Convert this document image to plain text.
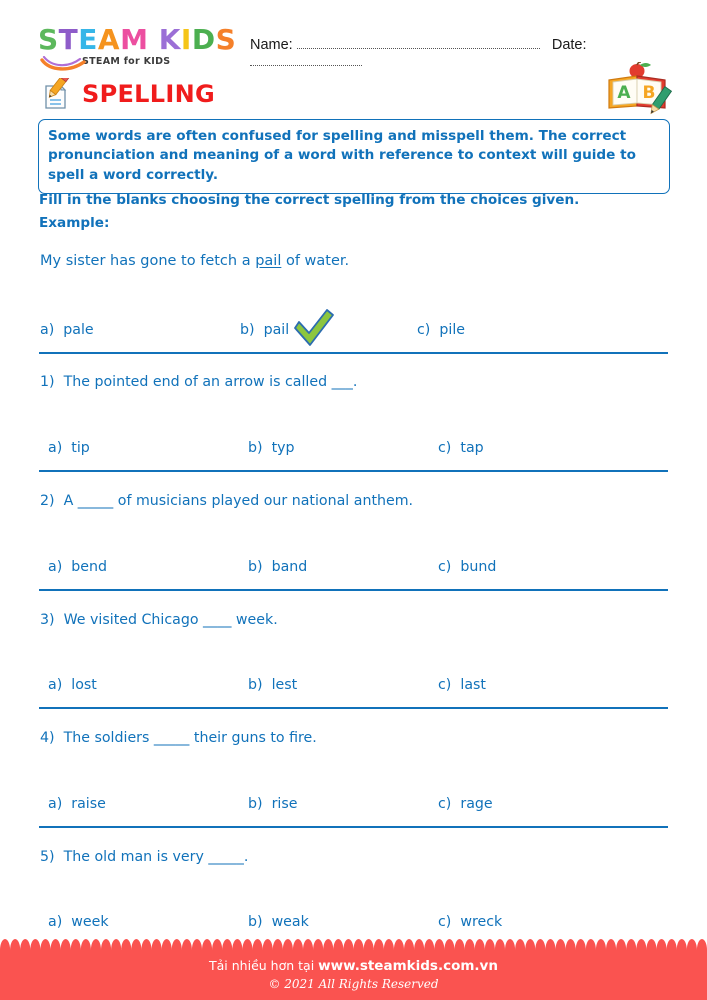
STEAM KIDS
STEAM for KIDS
Name:	Date:
SPELLING	A B
Some words are often confused for spelling and misspell them. The correct pronunciation and meaning of a word with reference to context will guide to spell a word correctly.
Fill in the blanks choosing the correct spelling from the choices given.
Example:
My sister has gone to fetch a pail of water.
a) pale	b) pail	c) pile
1) The pointed end of an arrow is called ___.
a) tip	b) typ	c) tap
2) A _____ of musicians played our national anthem.
a) bend	b) band	c) bund
3) We visited Chicago ____ week.
a) lost	b) lest	c) last
4) The soldiers _____ their guns to fire.
a) raise	b) rise	c) rage
5) The old man is very _____.
a) week	b) weak	c) wreck
Tải nhiều hơn tại www.steamkids.com.vn
© 2021 All Rights Reserved
